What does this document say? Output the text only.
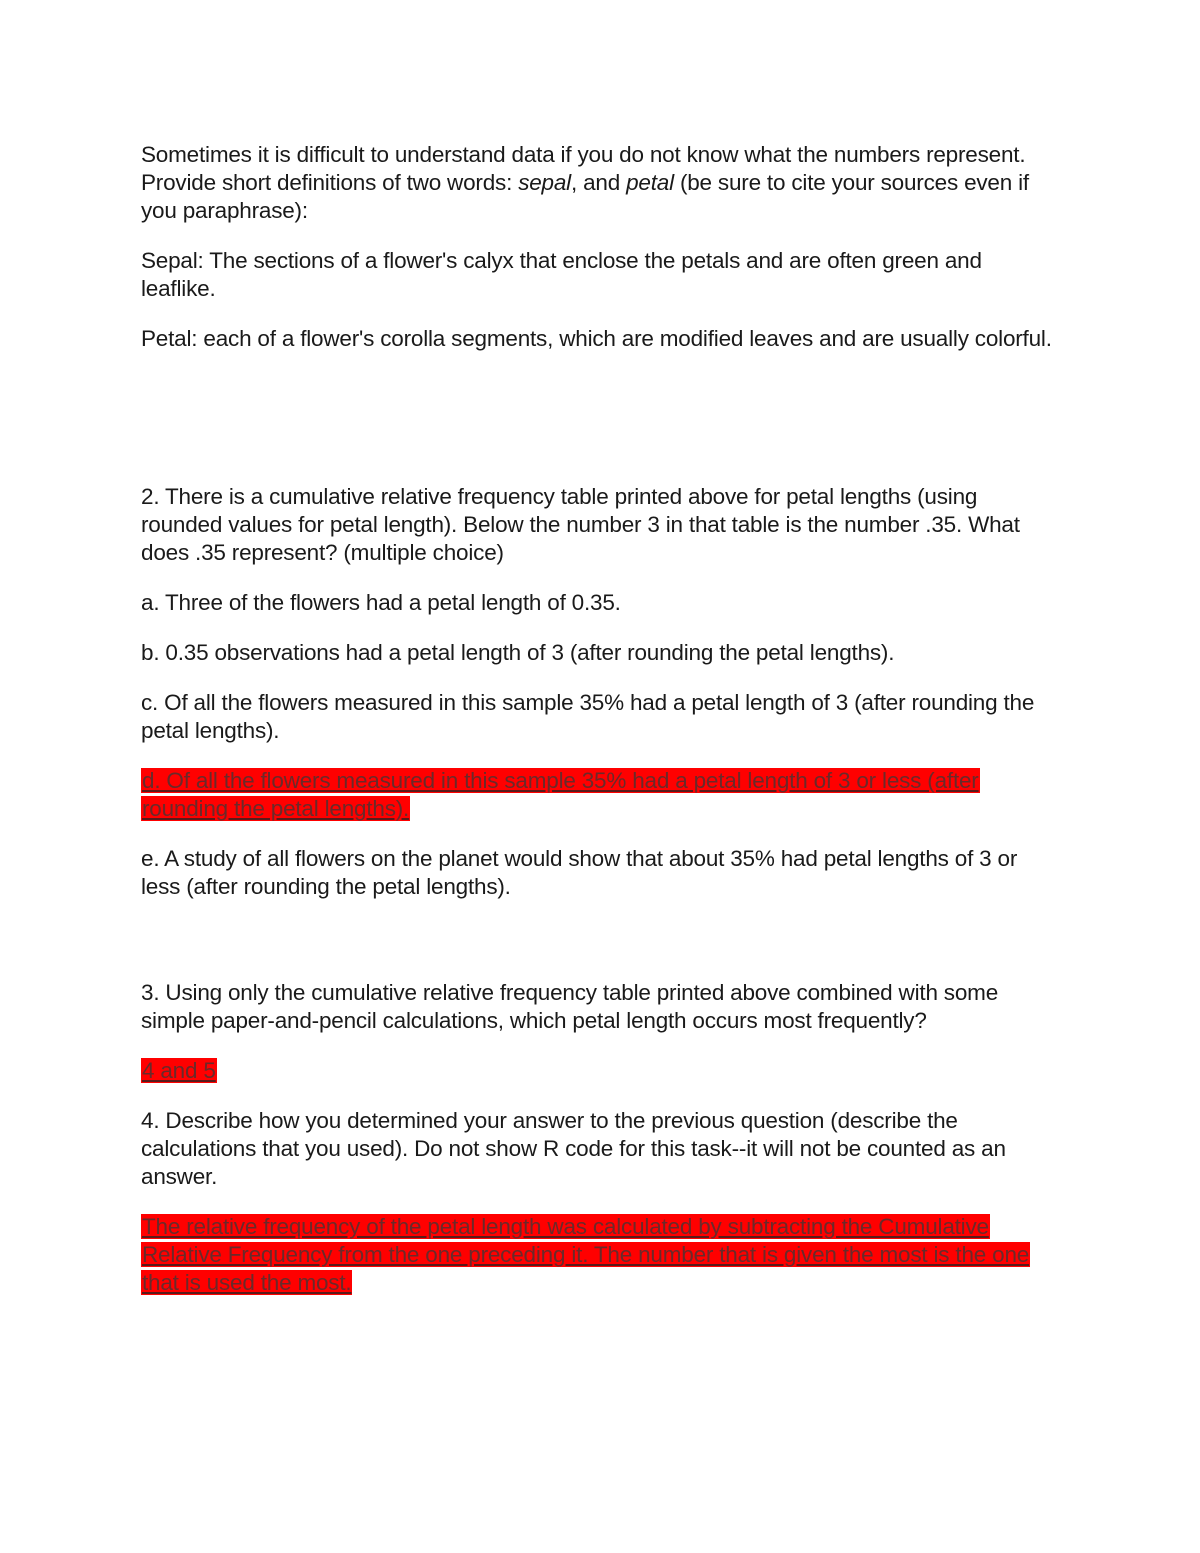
Sometimes it is difficult to understand data if you do not know what the numbers represent. Provide short definitions of two words: sepal, and petal (be sure to cite your sources even if you paraphrase):

Sepal: The sections of a flower's calyx that enclose the petals and are often green and leaflike.

Petal: each of a flower's corolla segments, which are modified leaves and are usually colorful.

2. There is a cumulative relative frequency table printed above for petal lengths (using rounded values for petal length). Below the number 3 in that table is the number .35. What does .35 represent? (multiple choice)

a. Three of the flowers had a petal length of 0.35.

b. 0.35 observations had a petal length of 3 (after rounding the petal lengths).

c. Of all the flowers measured in this sample 35% had a petal length of 3 (after rounding the petal lengths).

d. Of all the flowers measured in this sample 35% had a petal length of 3 or less (after rounding the petal lengths).

e. A study of all flowers on the planet would show that about 35% had petal lengths of 3 or less (after rounding the petal lengths).

3. Using only the cumulative relative frequency table printed above combined with some simple paper-and-pencil calculations, which petal length occurs most frequently?

4 and 5

4. Describe how you determined your answer to the previous question (describe the calculations that you used). Do not show R code for this task--it will not be counted as an answer.

The relative frequency of the petal length was calculated by subtracting the Cumulative Relative Frequency from the one preceding it. The number that is given the most is the one that is used the most.
